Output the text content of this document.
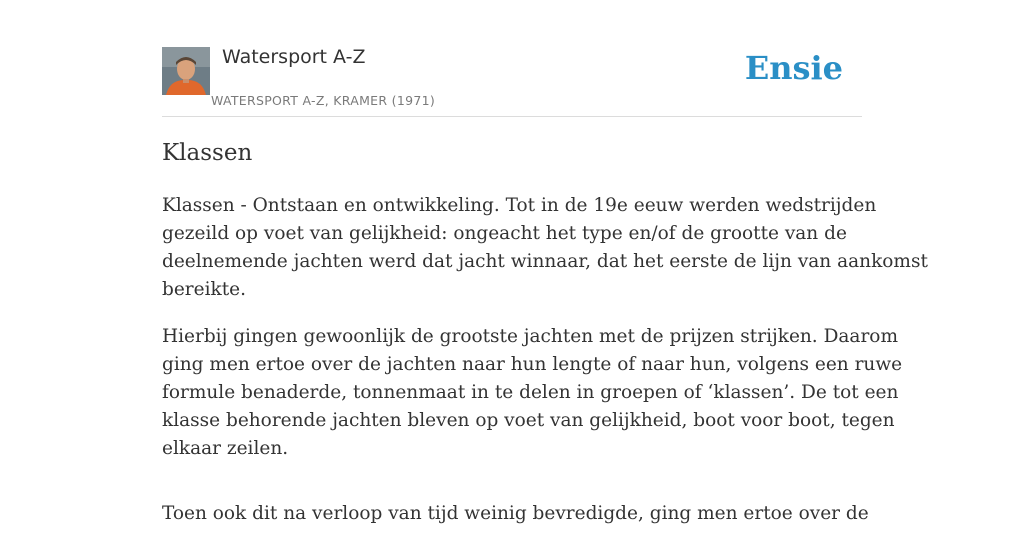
Watersport A-Z
WATERSPORT A-Z, KRAMER (1971)
Ensie
Klassen

Klassen - Ontstaan en ontwikkeling. Tot in de 19e eeuw werden wedstrijden
gezeild op voet van gelijkheid: ongeacht het type en/of de grootte van de
deelnemende jachten werd dat jacht winnaar, dat het eerste de lijn van aankomst
bereikte.

Hierbij gingen gewoonlijk de grootste jachten met de prijzen strijken. Daarom
ging men ertoe over de jachten naar hun lengte of naar hun, volgens een ruwe
formule benaderde, tonnenmaat in te delen in groepen of ‘klassen’. De tot een
klasse behorende jachten bleven op voet van gelijkheid, boot voor boot, tegen
elkaar zeilen.

Toen ook dit na verloop van tijd weinig bevredigde, ging men ertoe over de
